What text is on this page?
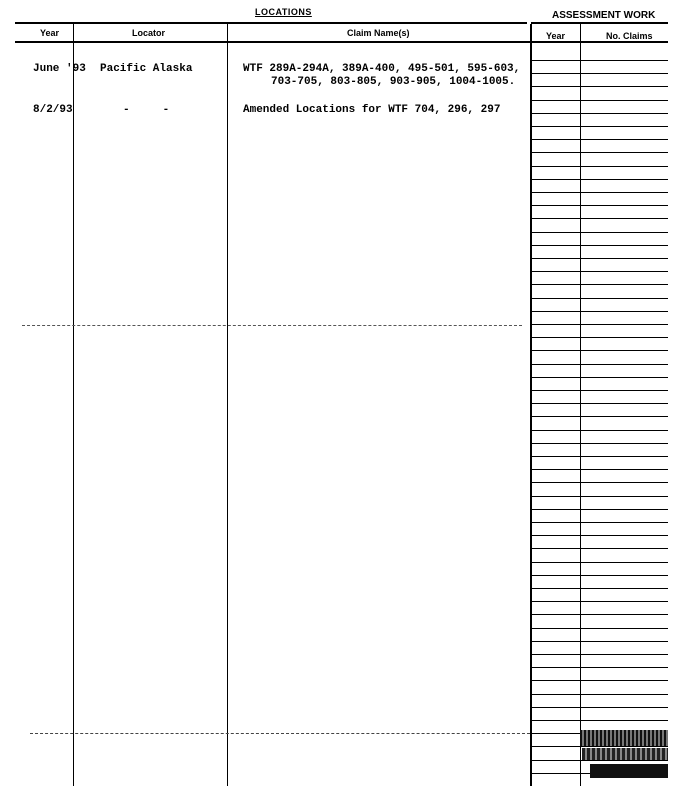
LOCATIONS	ASSESSMENT WORK
Year	Locator	Claim Name(s)	Year	No. Claims
June '93 Pacific Alaska	WTF 289A-294A, 389A-400, 495-501, 595-603,
703-705, 803-805, 903-905, 1004-1005.
8/2/93	-     -	Amended Locations for WTF 704, 296, 297
